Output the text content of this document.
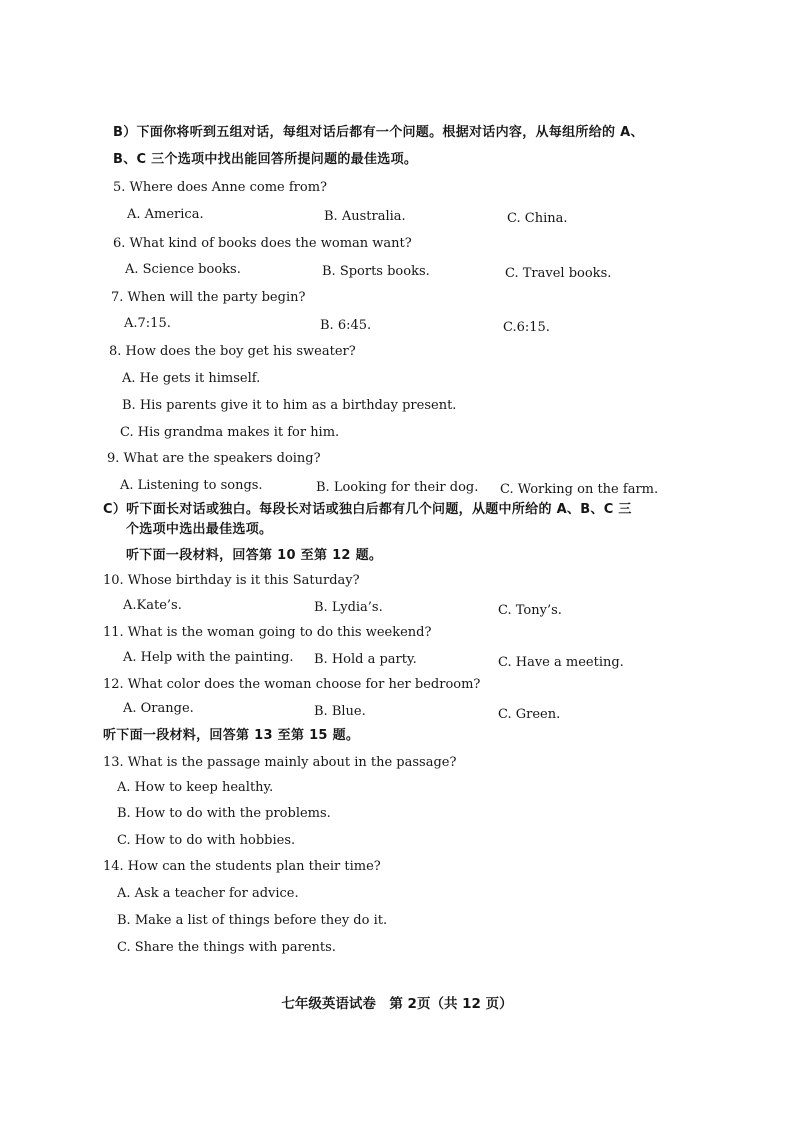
B）下面你将听到五组对话，每组对话后都有一个问题。根据对话内容，从每组所给的 A、
B、C 三个选项中找出能回答所提问题的最佳选项。
5. Where does Anne come from?
A. America.	B. Australia.	C. China.
6. What kind of books does the woman want?
A. Science books.	B. Sports books.	C. Travel books.
7. When will the party begin?
A.7:15.	B. 6:45.	C.6:15.
8. How does the boy get his sweater?
A. He gets it himself.
B. His parents give it to him as a birthday present.
C. His grandma makes it for him.
9. What are the speakers doing?
A. Listening to songs.	B. Looking for their dog. C. Working on the farm.
C）听下面长对话或独白。每段长对话或独白后都有几个问题，从题中所给的 A、B、C 三
个选项中选出最佳选项。
听下面一段材料，回答第 10 至第 12 题。
10. Whose birthday is it this Saturday?
A.Kate’s.	B. Lydia’s.	C. Tony’s.
11. What is the woman going to do this weekend?
A. Help with the painting. B. Hold a party.	C. Have a meeting.
12. What color does the woman choose for her bedroom?
A. Orange.	B. Blue.	C. Green.
听下面一段材料，回答第 13 至第 15 题。
13. What is the passage mainly about in the passage?
A. How to keep healthy.
B. How to do with the problems.
C. How to do with hobbies.
14. How can the students plan their time?
A. Ask a teacher for advice.
B. Make a list of things before they do it.
C. Share the things with parents.
七年级英语试卷　第 2页（共 12 页）
